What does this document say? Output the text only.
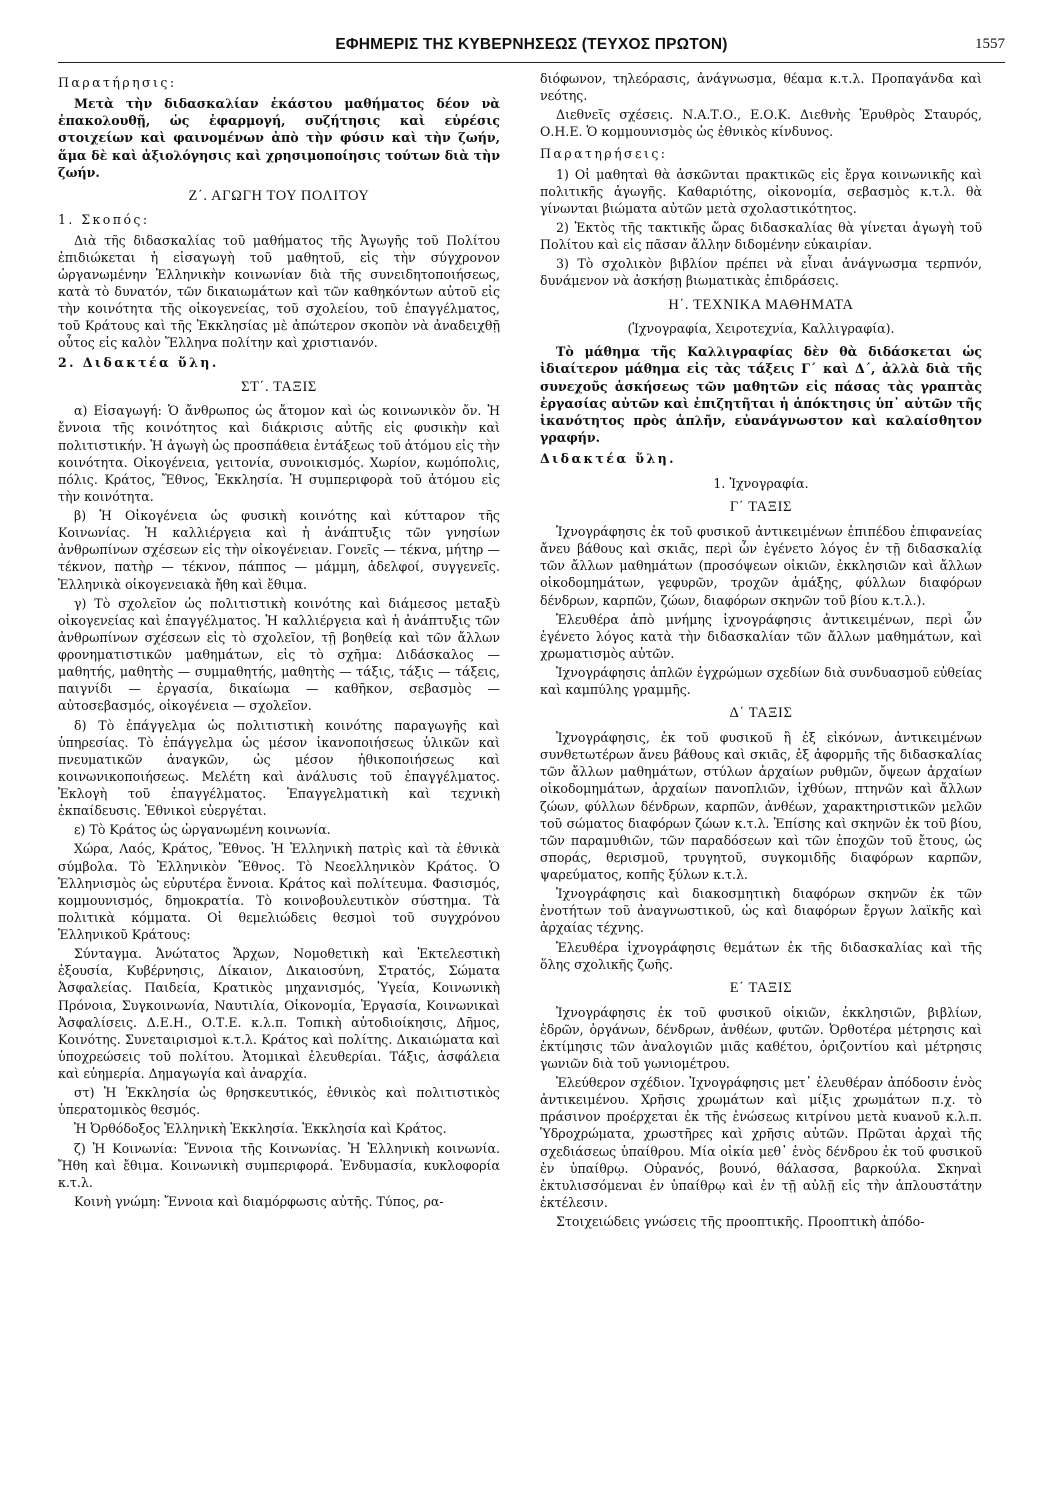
ΕΦΗΜΕΡΙΣ ΤΗΣ ΚΥΒΕΡΝΗΣΕΩΣ (ΤΕΥΧΟΣ ΠΡΩΤΟΝ)	1557

Παρατήρησις:

Μετὰ τὴν διδασκαλίαν ἑκάστου μαθήματος δέον νὰ ἐπακολουθῇ, ὡς ἐφαρμογή, συζήτησις καὶ εὑρέσις στοιχείων καὶ φαινομένων ἀπὸ τὴν φύσιν καὶ τὴν ζωήν, ἅμα δὲ καὶ ἀξιολόγησις καὶ χρησιμοποίησις τούτων διὰ τὴν ζωήν.

Ζ΄. ΑΓΩΓΗ ΤΟΥ ΠΟΛΙΤΟΥ

1. Σκοπός:

Διὰ τῆς διδασκαλίας τοῦ μαθήματος τῆς Ἀγωγῆς τοῦ Πολίτου ἐπιδιώκεται ἡ εἰσαγωγὴ τοῦ μαθητοῦ, εἰς τὴν σύγχρονον ὠργανωμένην Ἑλληνικὴν κοινωνίαν διὰ τῆς συνειδητοποιήσεως, κατὰ τὸ δυνατόν, τῶν δικαιωμάτων καὶ τῶν καθηκόντων αὐτοῦ εἰς τὴν κοινότητα τῆς οἰκογενείας, τοῦ σχολείου, τοῦ ἐπαγγέλματος, τοῦ Κράτους καὶ τῆς Ἐκκλησίας μὲ ἀπώτερον σκοπὸν νὰ ἀναδειχθῇ οὗτος εἰς καλὸν Ἕλληνα πολίτην καὶ χριστιανόν.

2. Διδακτέα ὕλη.

ΣΤ΄. ΤΑΞΙΣ

α) Εἰσαγωγή: Ὁ ἄνθρωπος ὡς ἄτομον καὶ ὡς κοινωνικὸν ὄν. Ἡ ἔννοια τῆς κοινότητος καὶ διάκρισις αὐτῆς εἰς φυσικὴν καὶ πολιτιστικήν. Ἡ ἀγωγὴ ὡς προσπάθεια ἐντάξεως τοῦ ἀτόμου εἰς τὴν κοινότητα. Οἰκογένεια, γειτονία, συνοικισμός. Χωρίον, κωμόπολις, πόλις. Κράτος, Ἔθνος, Ἐκκλησία. Ἡ συμπεριφορὰ τοῦ ἀτόμου εἰς τὴν κοινότητα.

β) Ἡ Οἰκογένεια ὡς φυσικὴ κοινότης καὶ κύτταρον τῆς Κοινωνίας. Ἡ καλλιέργεια καὶ ἡ ἀνάπτυξις τῶν γνησίων ἀνθρωπίνων σχέσεων εἰς τὴν οἰκογένειαν. Γονεῖς — τέκνα, μήτηρ — τέκνον, πατὴρ — τέκνον, πάππος — μάμμη, ἀδελφοί, συγγενεῖς. Ἑλληνικὰ οἰκογενειακὰ ἤθη καὶ ἔθιμα.

γ) Τὸ σχολεῖον ὡς πολιτιστικὴ κοινότης καὶ διάμεσος μεταξὺ οἰκογενείας καὶ ἐπαγγέλματος. Ἡ καλλιέργεια καὶ ἡ ἀνάπτυξις τῶν ἀνθρωπίνων σχέσεων εἰς τὸ σχολεῖον, τῇ βοηθείᾳ καὶ τῶν ἄλλων φρονηματιστικῶν μαθημάτων, εἰς τὸ σχῆμα: Διδάσκαλος — μαθητής, μαθητὴς — συμμαθητής, μαθητὴς — τάξις, τάξις — τάξεις, παιγνίδι — ἐργασία, δικαίωμα — καθῆκον, σεβασμὸς — αὐτοσεβασμός, οἰκογένεια — σχολεῖον.

δ) Τὸ ἐπάγγελμα ὡς πολιτιστικὴ κοινότης παραγωγῆς καὶ ὑπηρεσίας. Τὸ ἐπάγγελμα ὡς μέσον ἱκανοποιήσεως ὑλικῶν καὶ πνευματικῶν ἀναγκῶν, ὡς μέσον ἠθικοποιήσεως καὶ κοινωνικοποιήσεως. Μελέτη καὶ ἀνάλυσις τοῦ ἐπαγγέλματος. Ἐκλογὴ τοῦ ἐπαγγέλματος. Ἐπαγγελματικὴ καὶ τεχνικὴ ἐκπαίδευσις. Ἐθνικοὶ εὐεργέται.

ε) Τὸ Κράτος ὡς ὠργανωμένη κοινωνία.

Χώρα, Λαός, Κράτος, Ἔθνος. Ἡ Ἑλληνικὴ πατρὶς καὶ τὰ ἐθνικὰ σύμβολα. Τὸ Ἑλληνικὸν Ἔθνος. Τὸ Νεοελληνικὸν Κράτος. Ὁ Ἑλληνισμὸς ὡς εὐρυτέρα ἔννοια. Κράτος καὶ πολίτευμα. Φασισμός, κομμουνισμός, δημοκρατία. Τὸ κοινοβουλευτικὸν σύστημα. Τὰ πολιτικὰ κόμματα. Οἱ θεμελιώδεις θεσμοὶ τοῦ συγχρόνου Ἑλληνικοῦ Κράτους:

Σύνταγμα. Ἀνώτατος Ἄρχων, Νομοθετικὴ καὶ Ἐκτελεστικὴ ἐξουσία, Κυβέρνησις, Δίκαιον, Δικαιοσύνη, Στρατός, Σώματα Ἀσφαλείας. Παιδεία, Κρατικὸς μηχανισμός, Ὑγεία, Κοινωνικὴ Πρόνοια, Συγκοινωνία, Ναυτιλία, Οἰκονομία, Ἐργασία, Κοινωνικαὶ Ἀσφαλίσεις. Δ.Ε.Η., Ο.Τ.Ε. κ.λ.π. Τοπικὴ αὐτοδιοίκησις, Δῆμος, Κοινότης. Συνεταιρισμοὶ κ.τ.λ. Κράτος καὶ πολίτης. Δικαιώματα καὶ ὑποχρεώσεις τοῦ πολίτου. Ἀτομικαὶ ἐλευθερίαι. Τάξις, ἀσφάλεια καὶ εὐημερία. Δημαγωγία καὶ ἀναρχία.

στ) Ἡ Ἐκκλησία ὡς θρησκευτικός, ἐθνικὸς καὶ πολιτιστικὸς ὑπερατομικὸς θεσμός.

Ἡ Ὀρθόδοξος Ἑλληνικὴ Ἐκκλησία. Ἐκκλησία καὶ Κράτος.

ζ) Ἡ Κοινωνία: Ἔννοια τῆς Κοινωνίας. Ἡ Ἑλληνικὴ κοινωνία. Ἤθη καὶ ἔθιμα. Κοινωνικὴ συμπεριφορά. Ἐνδυμασία, κυκλοφορία κ.τ.λ.

Κοινὴ γνώμη: Ἔννοια καὶ διαμόρφωσις αὐτῆς. Τύπος, ρα-

διόφωνον, τηλεόρασις, ἀνάγνωσμα, θέαμα κ.τ.λ. Προπαγάνδα καὶ νεότης.

Διεθνεῖς σχέσεις. Ν.Α.Τ.Ο., Ε.Ο.Κ. Διεθνὴς Ἐρυθρὸς Σταυρός, Ο.Η.Ε. Ὁ κομμουνισμὸς ὡς ἐθνικὸς κίνδυνος.

Παρατηρήσεις:

1) Οἱ μαθηταὶ θὰ ἀσκῶνται πρακτικῶς εἰς ἔργα κοινωνικῆς καὶ πολιτικῆς ἀγωγῆς. Καθαριότης, οἰκονομία, σεβασμὸς κ.τ.λ. θὰ γίνωνται βιώματα αὐτῶν μετὰ σχολαστικότητος.

2) Ἐκτὸς τῆς τακτικῆς ὥρας διδασκαλίας θὰ γίνεται ἀγωγὴ τοῦ Πολίτου καὶ εἰς πᾶσαν ἄλλην διδομένην εὐκαιρίαν.

3) Τὸ σχολικὸν βιβλίον πρέπει νὰ εἶναι ἀνάγνωσμα τερπνόν, δυνάμενον νὰ ἀσκήσῃ βιωματικὰς ἐπιδράσεις.

Η΄. ΤΕΧΝΙΚΑ ΜΑΘΗΜΑΤΑ

(Ἰχνογραφία, Χειροτεχνία, Καλλιγραφία).

Τὸ μάθημα τῆς Καλλιγραφίας δὲν θὰ διδάσκεται ὡς ἰδιαίτερον μάθημα εἰς τὰς τάξεις Γ΄ καὶ Δ΄, ἀλλὰ διὰ τῆς συνεχοῦς ἀσκήσεως τῶν μαθητῶν εἰς πάσας τὰς γραπτὰς ἐργασίας αὐτῶν καὶ ἐπιζητῆται ἡ ἀπόκτησις ὑπ᾽ αὐτῶν τῆς ἱκανότητος πρὸς ἁπλῆν, εὐανάγνωστον καὶ καλαίσθητον γραφήν.

Διδακτέα ὕλη.

1. Ἰχνογραφία.

Γ΄ ΤΑΞΙΣ

Ἰχνογράφησις ἐκ τοῦ φυσικοῦ ἀντικειμένων ἐπιπέδου ἐπιφανείας ἄνευ βάθους καὶ σκιᾶς, περὶ ὧν ἐγένετο λόγος ἐν τῇ διδασκαλίᾳ τῶν ἄλλων μαθημάτων (προσόψεων οἰκιῶν, ἐκκλησιῶν καὶ ἄλλων οἰκοδομημάτων, γεφυρῶν, τροχῶν ἁμάξης, φύλλων διαφόρων δένδρων, καρπῶν, ζώων, διαφόρων σκηνῶν τοῦ βίου κ.τ.λ.).

Ἐλευθέρα ἀπὸ μνήμης ἰχνογράφησις ἀντικειμένων, περὶ ὧν ἐγένετο λόγος κατὰ τὴν διδασκαλίαν τῶν ἄλλων μαθημάτων, καὶ χρωματισμὸς αὐτῶν.

Ἰχνογράφησις ἁπλῶν ἐγχρώμων σχεδίων διὰ συνδυασμοῦ εὐθείας καὶ καμπύλης γραμμῆς.

Δ΄ ΤΑΞΙΣ

Ἰχνογράφησις, ἐκ τοῦ φυσικοῦ ἢ ἐξ εἰκόνων, ἀντικειμένων συνθετωτέρων ἄνευ βάθους καὶ σκιᾶς, ἐξ ἀφορμῆς τῆς διδασκαλίας τῶν ἄλλων μαθημάτων, στύλων ἀρχαίων ρυθμῶν, ὄψεων ἀρχαίων οἰκοδομημάτων, ἀρχαίων πανοπλιῶν, ἰχθύων, πτηνῶν καὶ ἄλλων ζώων, φύλλων δένδρων, καρπῶν, ἀνθέων, χαρακτηριστικῶν μελῶν τοῦ σώματος διαφόρων ζώων κ.τ.λ. Ἐπίσης καὶ σκηνῶν ἐκ τοῦ βίου, τῶν παραμυθιῶν, τῶν παραδόσεων καὶ τῶν ἐποχῶν τοῦ ἔτους, ὡς σποράς, θερισμοῦ, τρυγητοῦ, συγκομιδῆς διαφόρων καρπῶν, ψαρεύματος, κοπῆς ξύλων κ.τ.λ.

Ἰχνογράφησις καὶ διακοσμητικὴ διαφόρων σκηνῶν ἐκ τῶν ἑνοτήτων τοῦ ἀναγνωστικοῦ, ὡς καὶ διαφόρων ἔργων λαϊκῆς καὶ ἀρχαίας τέχνης.

Ἐλευθέρα ἰχνογράφησις θεμάτων ἐκ τῆς διδασκαλίας καὶ τῆς ὅλης σχολικῆς ζωῆς.

Ε΄ ΤΑΞΙΣ

Ἰχνογράφησις ἐκ τοῦ φυσικοῦ οἰκιῶν, ἐκκλησιῶν, βιβλίων, ἑδρῶν, ὀργάνων, δένδρων, ἀνθέων, φυτῶν. Ὀρθοτέρα μέτρησις καὶ ἐκτίμησις τῶν ἀναλογιῶν μιᾶς καθέτου, ὁριζοντίου καὶ μέτρησις γωνιῶν διὰ τοῦ γωνιομέτρου.

Ἐλεύθερον σχέδιον. Ἰχνογράφησις μετ᾽ ἐλευθέραν ἀπόδοσιν ἑνὸς ἀντικειμένου. Χρῆσις χρωμάτων καὶ μίξις χρωμάτων π.χ. τὸ πράσινον προέρχεται ἐκ τῆς ἑνώσεως κιτρίνου μετὰ κυανοῦ κ.λ.π. Ὑδροχρώματα, χρωστῆρες καὶ χρῆσις αὐτῶν. Πρῶται ἀρχαὶ τῆς σχεδιάσεως ὑπαίθρου. Μία οἰκία μεθ᾽ ἑνὸς δένδρου ἐκ τοῦ φυσικοῦ ἐν ὑπαίθρῳ. Οὐρανός, βουνό, θάλασσα, βαρκούλα. Σκηναὶ ἐκτυλισσόμεναι ἐν ὑπαίθρῳ καὶ ἐν τῇ αὐλῇ εἰς τὴν ἁπλουστάτην ἐκτέλεσιν.

Στοιχειώδεις γνώσεις τῆς προοπτικῆς. Προοπτικὴ ἀπόδο-
